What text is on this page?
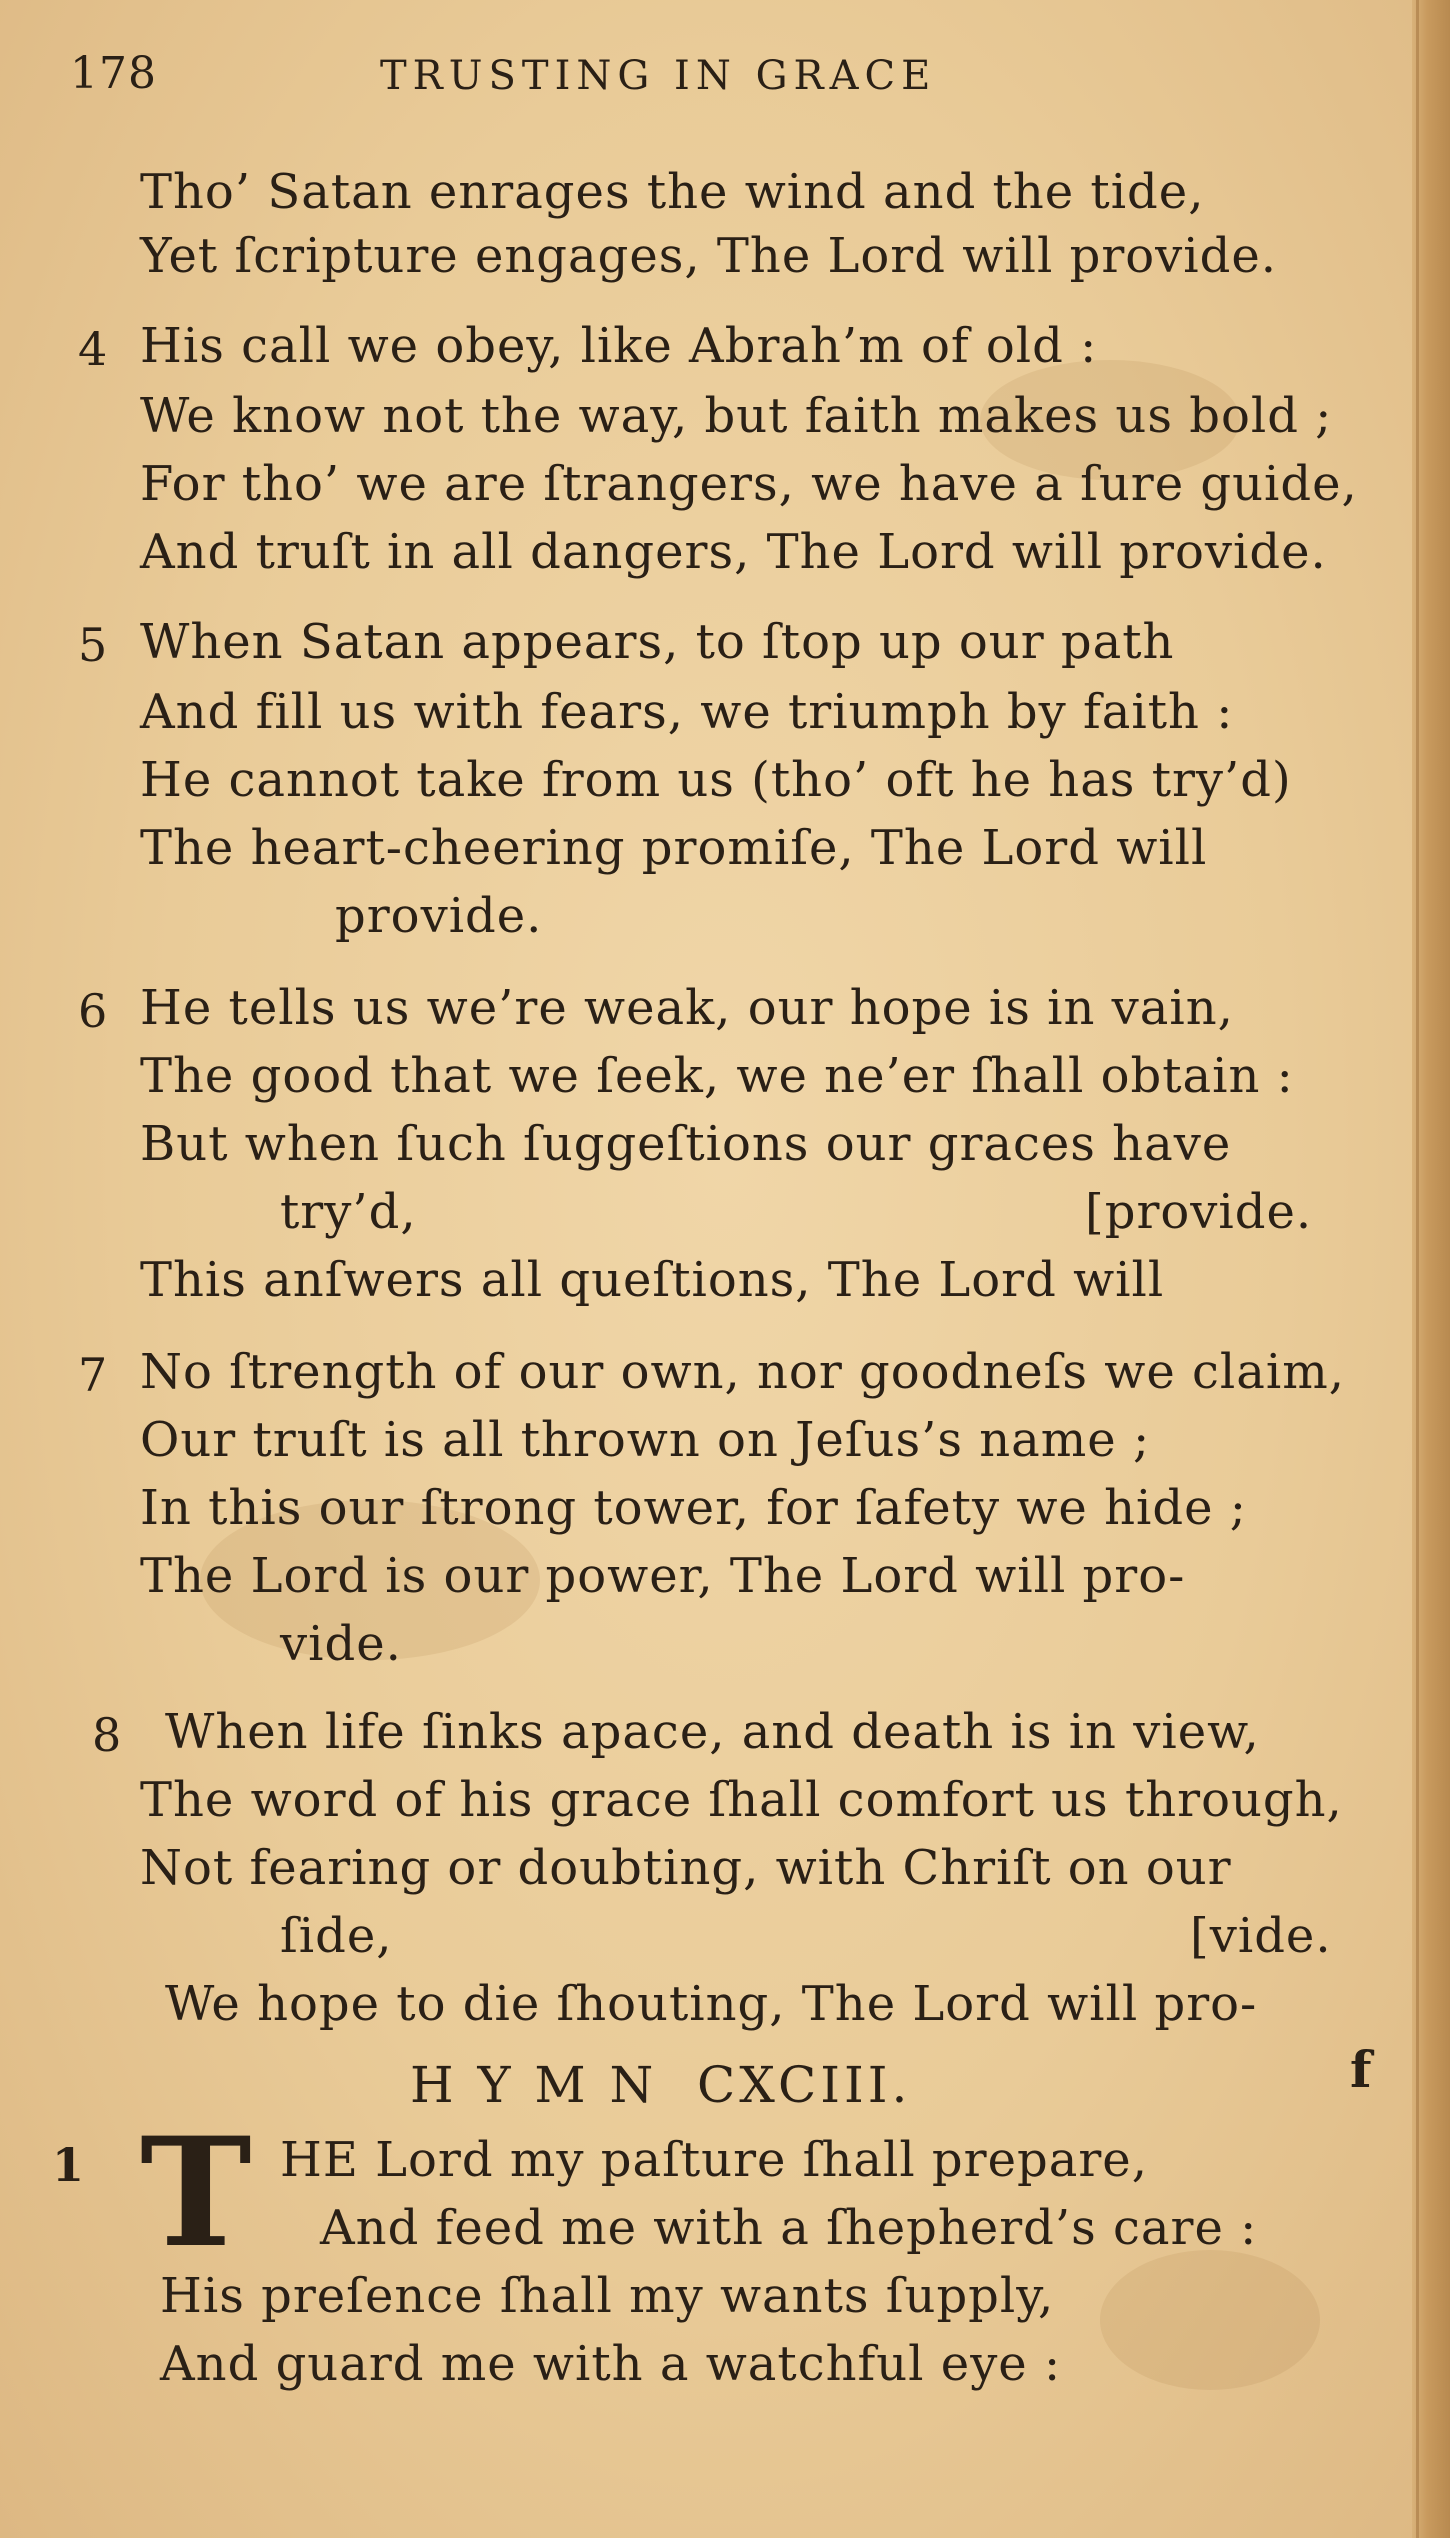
178	TRUSTING IN GRACE
Tho’ Satan enrages the wind and the tide,
Yet ſcripture engages, The Lord will provide.
4 His call we obey, like Abrah’m of old :
We know not the way, but faith makes us bold ;
For tho’ we are ſtrangers, we have a ſure guide,
And truſt in all dangers, The Lord will provide.
5 When Satan appears, to ſtop up our path
And fill us with fears, we triumph by faith :
He cannot take from us (tho’ oft he has try’d)
The heart-cheering promiſe, The Lord will
provide.
6 He tells us we’re weak, our hope is in vain,
The good that we ſeek, we ne’er ſhall obtain :
But when ſuch ſuggeſtions our graces have
try’d,	[provide.
This anſwers all queſtions, The Lord will
7 No ſtrength of our own, nor goodneſs we claim,
Our truſt is all thrown on Jeſus’s name ;
In this our ſtrong tower, for ſafety we hide ;
The Lord is our power, The Lord will pro-
vide.
8 When life ſinks apace, and death is in view,
The word of his grace ſhall comfort us through,
Not fearing or doubting, with Chriſt on our
ſide,	[vide.
We hope to die ſhouting, The Lord will pro-
H Y M N  CXCIII.	f
1 T HE Lord my paſture ſhall prepare,
And feed me with a ſhepherd’s care :
His preſence ſhall my wants ſupply,
And guard me with a watchful eye :
